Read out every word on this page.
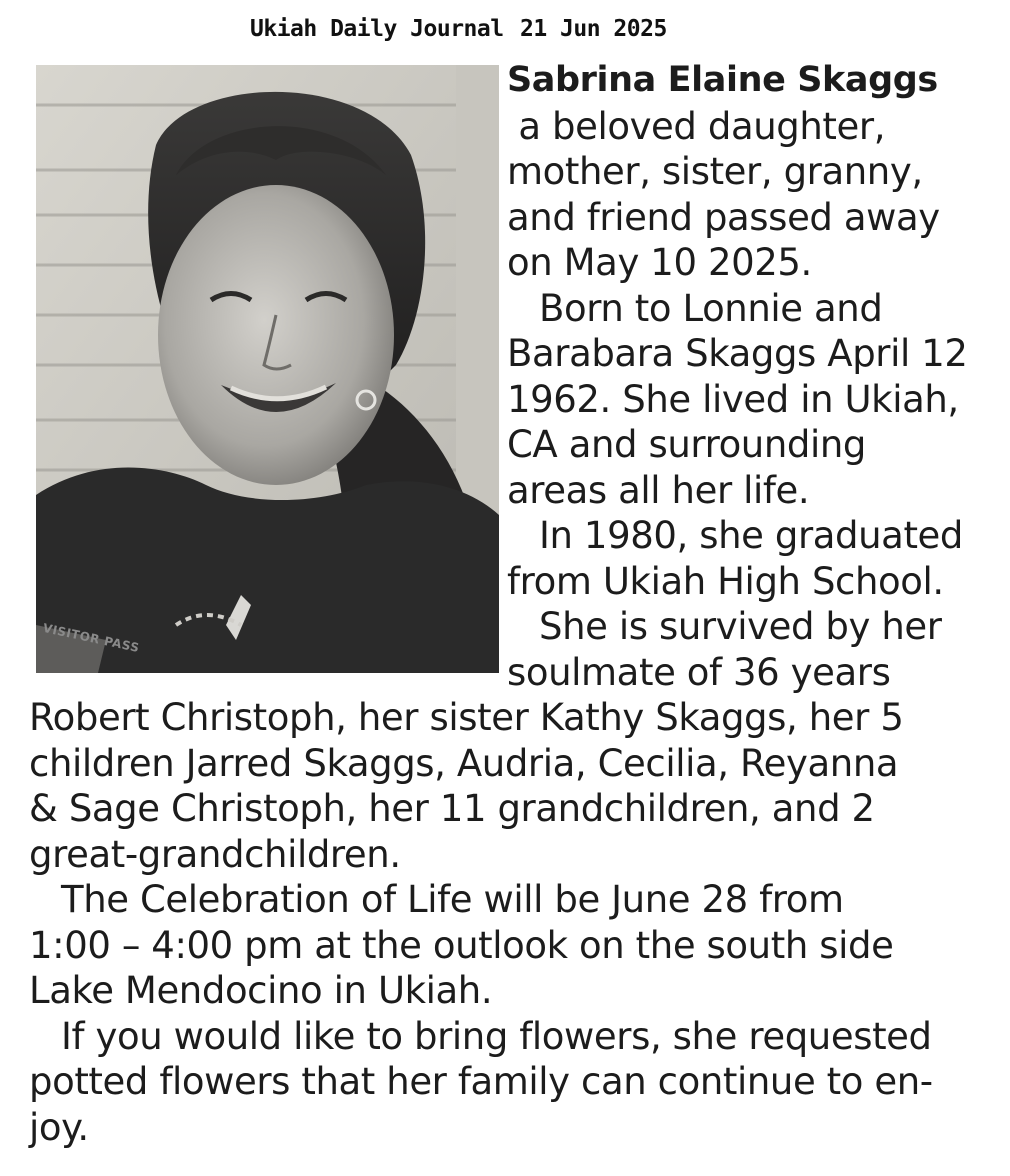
Ukiah Daily Journal 21 Jun 2025
VISITOR PASS
Sabrina Elaine Skaggs
a beloved daughter,
mother, sister, granny,
and friend passed away
on May 10 2025.
Born to Lonnie and
Barabara Skaggs April 12
1962. She lived in Ukiah,
CA and surrounding
areas all her life.
In 1980, she graduated
from Ukiah High School.
She is survived by her
soulmate of 36 years
Robert Christoph, her sister Kathy Skaggs, her 5
children Jarred Skaggs, Audria, Cecilia, Reyanna
& Sage Christoph, her 11 grandchildren, and 2
great-grandchildren.
The Celebration of Life will be June 28 from
1:00 – 4:00 pm at the outlook on the south side
Lake Mendocino in Ukiah.
If you would like to bring flowers, she requested
potted flowers that her family can continue to en-
joy.
